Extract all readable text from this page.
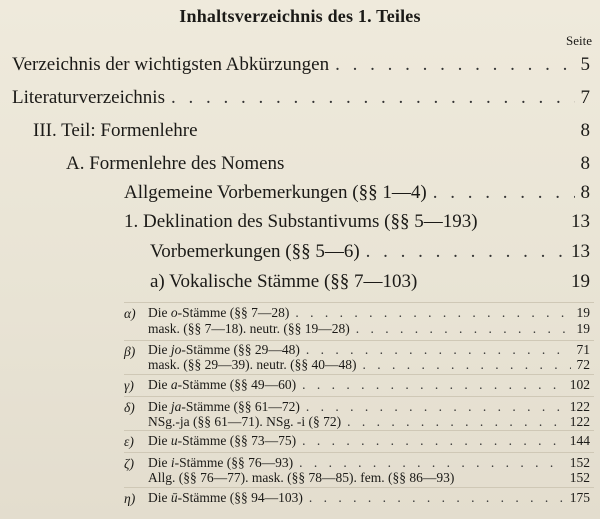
Inhaltsverzeichnis des 1. Teiles
Seite
Verzeichnis der wichtigsten Abkürzungen . . .	5
Literaturverzeichnis . . .	7
III. Teil: Formenlehre	8
A. Formenlehre des Nomens	8
Allgemeine Vorbemerkungen (§§ 1—4) . . .	8
1. Deklination des Substantivums (§§ 5—193)	13
Vorbemerkungen (§§ 5—6) . . .	13
a) Vokalische Stämme (§§ 7—103)	19
α) Die o-Stämme (§§ 7—28) . . .	19
mask. (§§ 7—18). neutr. (§§ 19—28) . . .	19
β) Die jo-Stämme (§§ 29—48) . . .	71
mask. (§§ 29—39). neutr. (§§ 40—48) . . .	72
γ) Die a-Stämme (§§ 49—60) . . .	102
δ) Die ja-Stämme (§§ 61—72) . . .	122
NSg.-ja (§§ 61—71). NSg. -i (§ 72) . . .	122
ε) Die u-Stämme (§§ 73—75) . . .	144
ζ) Die i-Stämme (§§ 76—93) . . .	152
Allg. (§§ 76—77). mask. (§§ 78—85). fem. (§§ 86—93)	152
η) Die ū-Stämme (§§ 94—103) . . .	175
